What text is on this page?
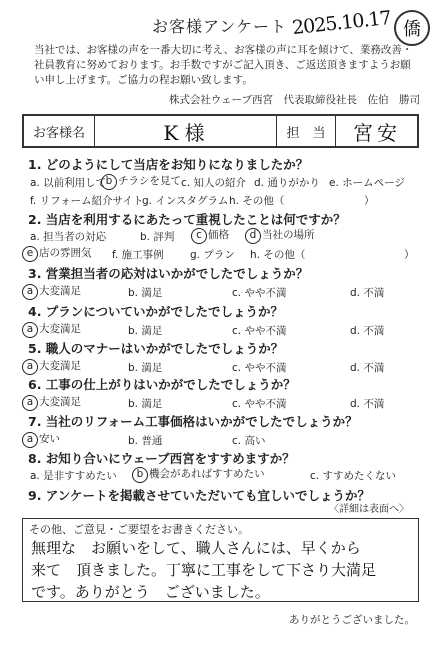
お客様アンケート 2025.10.17 僑
当社では、お客様の声を一番大切に考え、お客様の声に耳を傾けて、業務改善・社員教育に努めております。お手数ですがご記入頂き、ご返送頂きますようお願い申し上げます。ご協力の程お願い致します。
株式会社ウェーブ西宮　代表取締役社長　佐伯　勝司
お客様名	K 様	担　当	宮安
1. どのようにして当店をお知りになりましたか？
a. 以前利用して b チラシを見て c. 知人の紹介 d. 通りがかり e. ホームページ
f. リフォーム紹介サイト
g. インスタグラム h. その他（	）
2. 当店を利用するにあたって重視したことは何ですか？
a. 担当者の対応	b. 評判	c 価格	d 当社の場所
e 店の雰囲気 f. 施工事例	g. プラン h. その他（	）
3. 営業担当者の応対はいかがでしたでしょうか？
a 大変満足	b. 満足	c. やや不満	d. 不満
4. プランについていかがでしたでしょうか？
a 大変満足	b. 満足	c. やや不満	d. 不満
5. 職人のマナーはいかがでしたでしょうか？
a 大変満足	b. 満足	c. やや不満	d. 不満
6. 工事の仕上がりはいかがでしたでしょうか？
a 大変満足	b. 満足	c. やや不満	d. 不満
7. 当社のリフォーム工事価格はいかがでしたでしょうか？
a 安い	b. 普通	c. 高い
8. お知り合いにウェーブ西宮をすすめますか？
a. 是非すすめたい	b 機会があればすすめたい	c. すすめたくない
9. アンケートを掲載させていただいても宜しいでしょうか？
〈詳細は表面へ〉
その他、ご意見・ご要望をお書きください。
無理な　お願いをして、職人さんには、早くから
来て　頂きました。丁寧に工事をして下さり大満足
です。ありがとう　ございました。
ありがとうございました。
